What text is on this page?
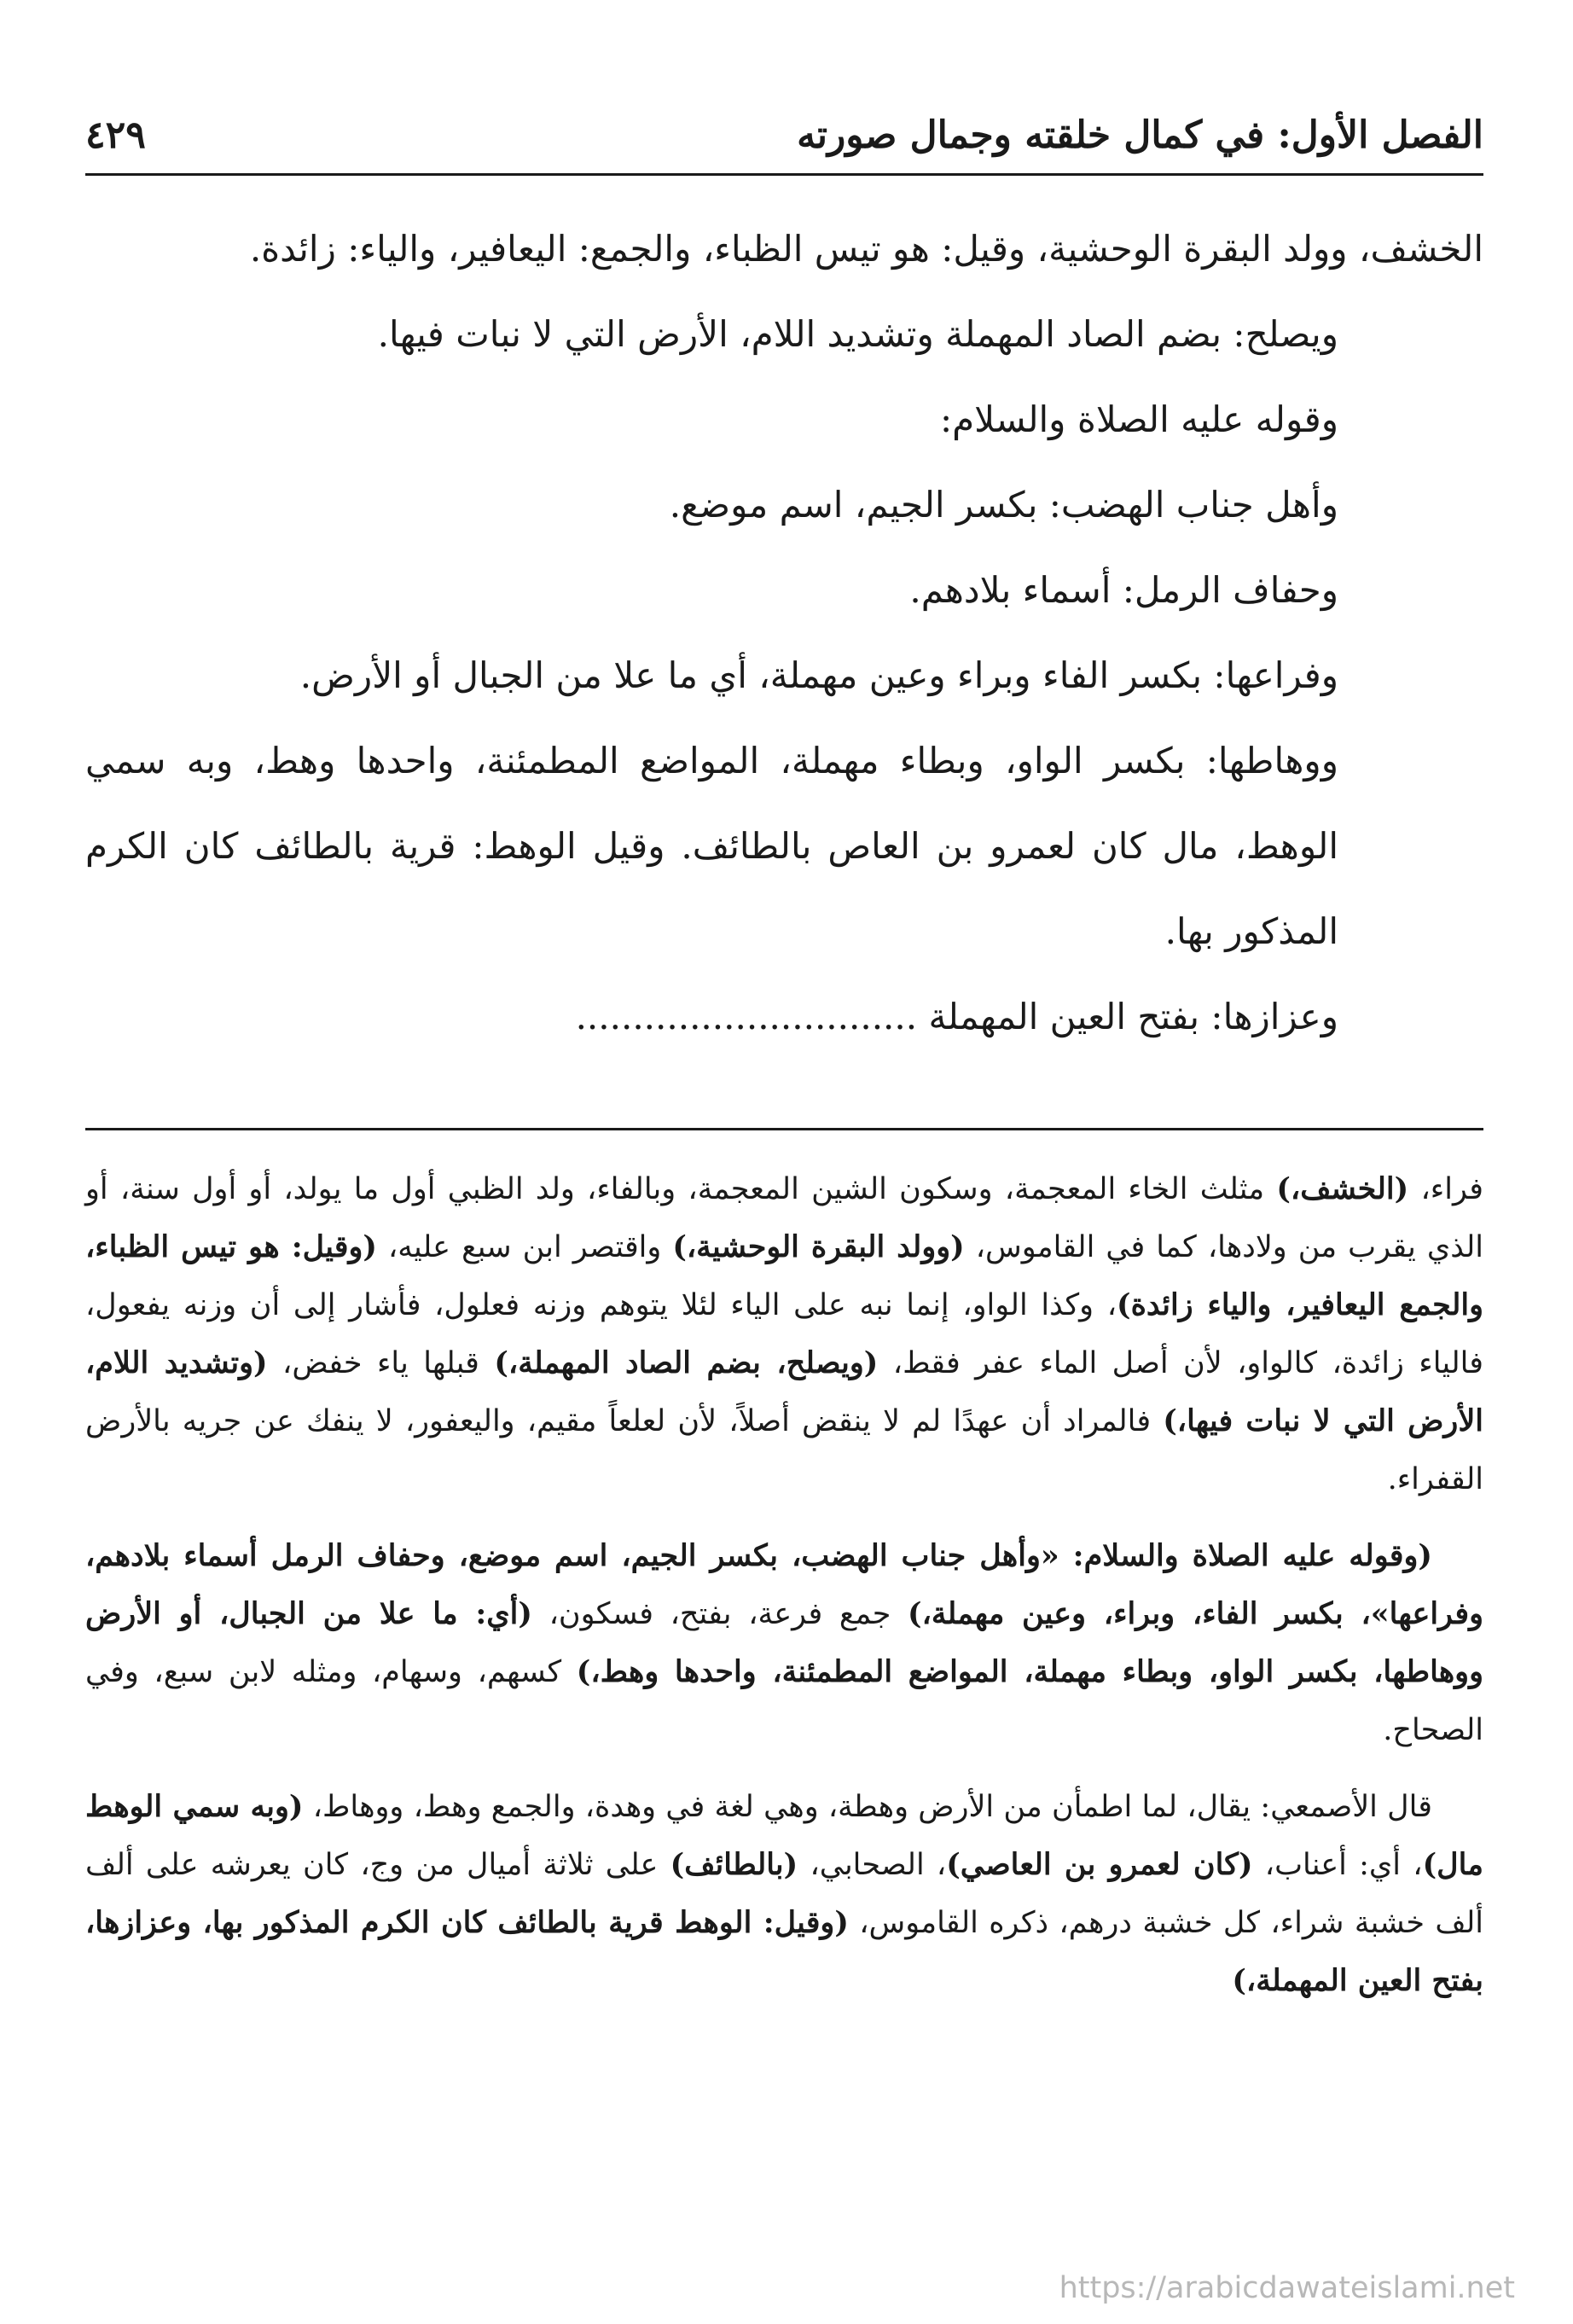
الفصل الأول: في كمال خلقته وجمال صورته
٤٢٩

الخشف، وولد البقرة الوحشية، وقيل: هو تيس الظباء، والجمع: اليعافير، والياء: زائدة.

ويصلح: بضم الصاد المهملة وتشديد اللام، الأرض التي لا نبات فيها.

وقوله عليه الصلاة والسلام:

وأهل جناب الهضب: بكسر الجيم، اسم موضع.

وحفاف الرمل: أسماء بلادهم.

وفراعها: بكسر الفاء وبراء وعين مهملة، أي ما علا من الجبال أو الأرض.

ووهاطها: بكسر الواو، وبطاء مهملة، المواضع المطمئنة، واحدها وهط، وبه سمي الوهط، مال كان لعمرو بن العاص بالطائف. وقيل الوهط: قرية بالطائف كان الكرم المذكور بها.

وعزازها: بفتح العين المهملة ..............................

فراء، (الخشف،) مثلث الخاء المعجمة، وسكون الشين المعجمة، وبالفاء، ولد الظبي أول ما يولد، أو أول سنة، أو الذي يقرب من ولادها، كما في القاموس، (وولد البقرة الوحشية،) واقتصر ابن سبع عليه، (وقيل: هو تيس الظباء، والجمع اليعافير، والياء زائدة)، وكذا الواو، إنما نبه على الياء لئلا يتوهم وزنه فعلول، فأشار إلى أن وزنه يفعول، فالياء زائدة، كالواو، لأن أصل الماء عفر فقط، (ويصلح، بضم الصاد المهملة،) قبلها ياء خفض، (وتشديد اللام، الأرض التي لا نبات فيها،) فالمراد أن عهدًا لم لا ينقض أصلاً، لأن لعلعاً مقيم، واليعفور، لا ينفك عن جريه بالأرض القفراء.

(وقوله عليه الصلاة والسلام: «وأهل جناب الهضب، بكسر الجيم، اسم موضع، وحفاف الرمل أسماء بلادهم، وفراعها»، بكسر الفاء، وبراء، وعين مهملة،) جمع فرعة، بفتح، فسكون، (أي: ما علا من الجبال، أو الأرض ووهاطها، بكسر الواو، وبطاء مهملة، المواضع المطمئنة، واحدها وهط،) كسهم، وسهام، ومثله لابن سبع، وفي الصحاح.

قال الأصمعي: يقال، لما اطمأن من الأرض وهطة، وهي لغة في وهدة، والجمع وهط، ووهاط، (وبه سمي الوهط مال)، أي: أعناب، (كان لعمرو بن العاصي)، الصحابي، (بالطائف) على ثلاثة أميال من وج، كان يعرشه على ألف ألف خشبة شراء، كل خشبة درهم، ذكره القاموس، (وقيل: الوهط قرية بالطائف كان الكرم المذكور بها، وعزازها، بفتح العين المهملة،)

https://arabicdawateislami.net
